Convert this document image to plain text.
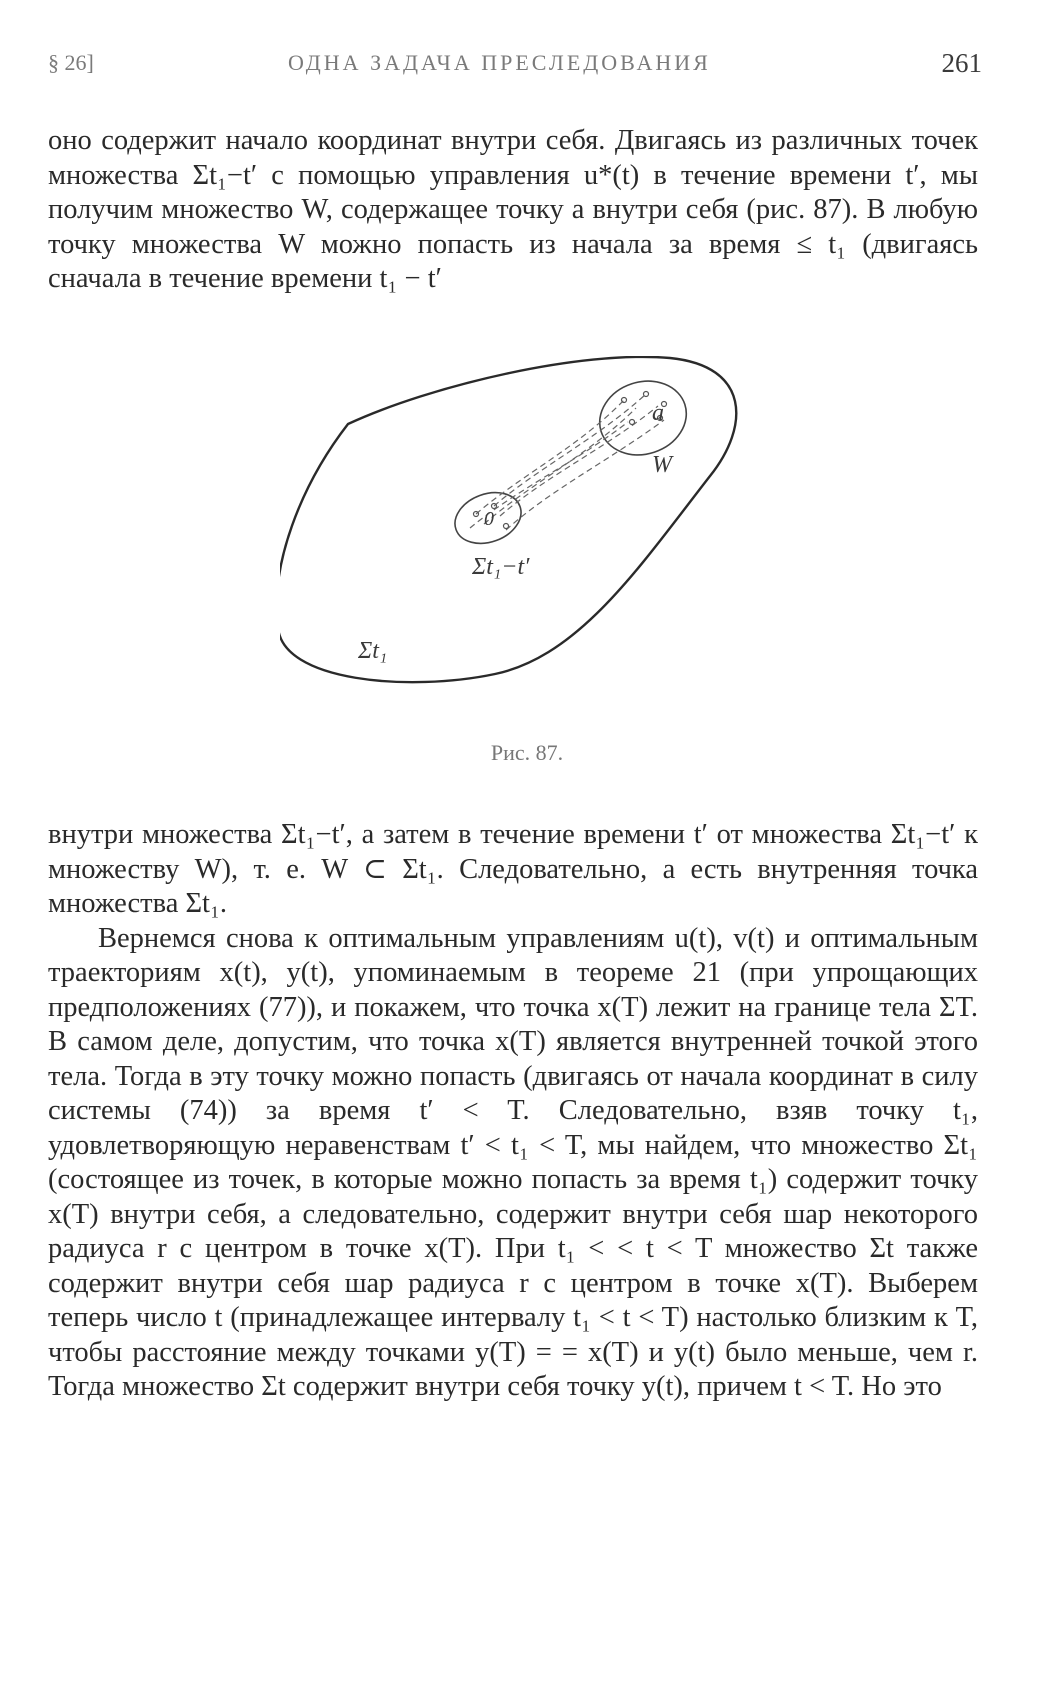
§ 26]	ОДНА ЗАДАЧА ПРЕСЛЕДОВАНИЯ	261

оно содержит начало координат внутри себя. Двигаясь из различных точек множества Σt₁−t′ с помощью управления u*(t) в течение времени t′, мы получим множество W, содержащее точку a внутри себя (рис. 87). В любую точку множества W можно попасть из начала за время ≤ t₁ (двигаясь сначала в течение времени t₁ − t′

a
W
0
Σt₁−t′
Σt₁
Рис. 87.

внутри множества Σt₁−t′, а затем в течение времени t′ от множества Σt₁−t′ к множеству W), т. е. W ⊂ Σt₁. Следовательно, a есть внутренняя точка множества Σt₁.

Вернемся снова к оптимальным управлениям u(t), v(t) и оптимальным траекториям x(t), y(t), упоминаемым в теореме 21 (при упрощающих предположениях (77)), и покажем, что точка x(T) лежит на границе тела ΣT. В самом деле, допустим, что точка x(T) является внутренней точкой этого тела. Тогда в эту точку можно попасть (двигаясь от начала координат в силу системы (74)) за время t′ < T. Следовательно, взяв точку t₁, удовлетворяющую неравенствам t′ < t₁ < T, мы найдем, что множество Σt₁ (состоящее из точек, в которые можно попасть за время t₁) содержит точку x(T) внутри себя, а следовательно, содержит внутри себя шар некоторого радиуса r с центром в точке x(T). При t₁ < < t < T множество Σt также содержит внутри себя шар радиуса r с центром в точке x(T). Выберем теперь число t (принадлежащее интервалу t₁ < t < T) настолько близким к T, чтобы расстояние между точками y(T) = = x(T) и y(t) было меньше, чем r. Тогда множество Σt содержит внутри себя точку y(t), причем t < T. Но это
